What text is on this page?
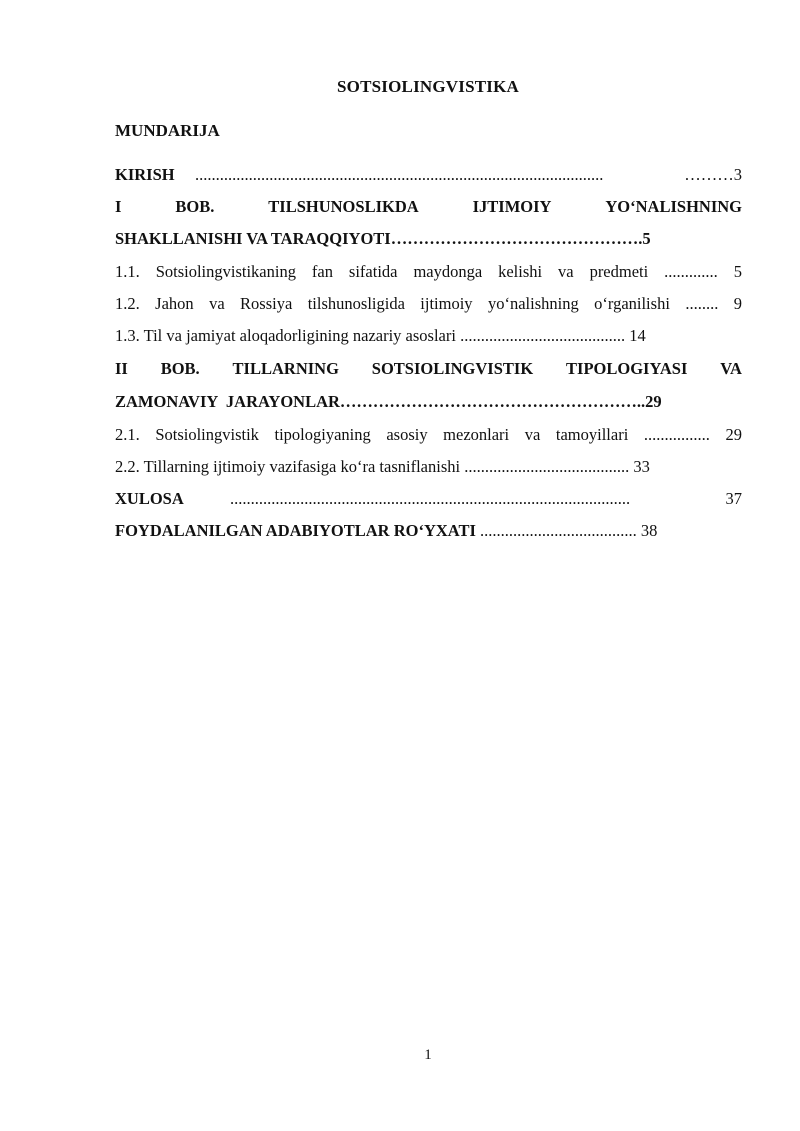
SOTSIOLINGVISTIKA
MUNDARIJA
KIRISH ...................................................................................................	………3
I	BOB.	TILSHUNOSLIKDA	IJTIMOIY	YO‘NALISHNING
SHAKLLANISHI VA TARAQQIYOTI……………………………………….5
1.1. Sotsiolingvistikaning fan sifatida maydonga kelishi va predmeti ............. 5
1.2. Jahon va Rossiya tilshunosligida ijtimoiy yo‘nalishning o‘rganilishi ........ 9
1.3. Til va jamiyat aloqadorligining nazariy asoslari ........................................ 14
II BOB. TILLARNING SOTSIOLINGVISTIK TIPOLOGIYASI VA
ZAMONAVIY  JARAYONLAR………………………………………………..29
2.1. Sotsiolingvistik tipologiyaning asosiy mezonlari va tamoyillari ................ 29
2.2. Tillarning ijtimoiy vazifasiga ko‘ra tasniflanishi ........................................ 33
XULOSA	.................................................................................................	37
FOYDALANILGAN ADABIYOTLAR RO‘YXATI ...................................... 38
1
